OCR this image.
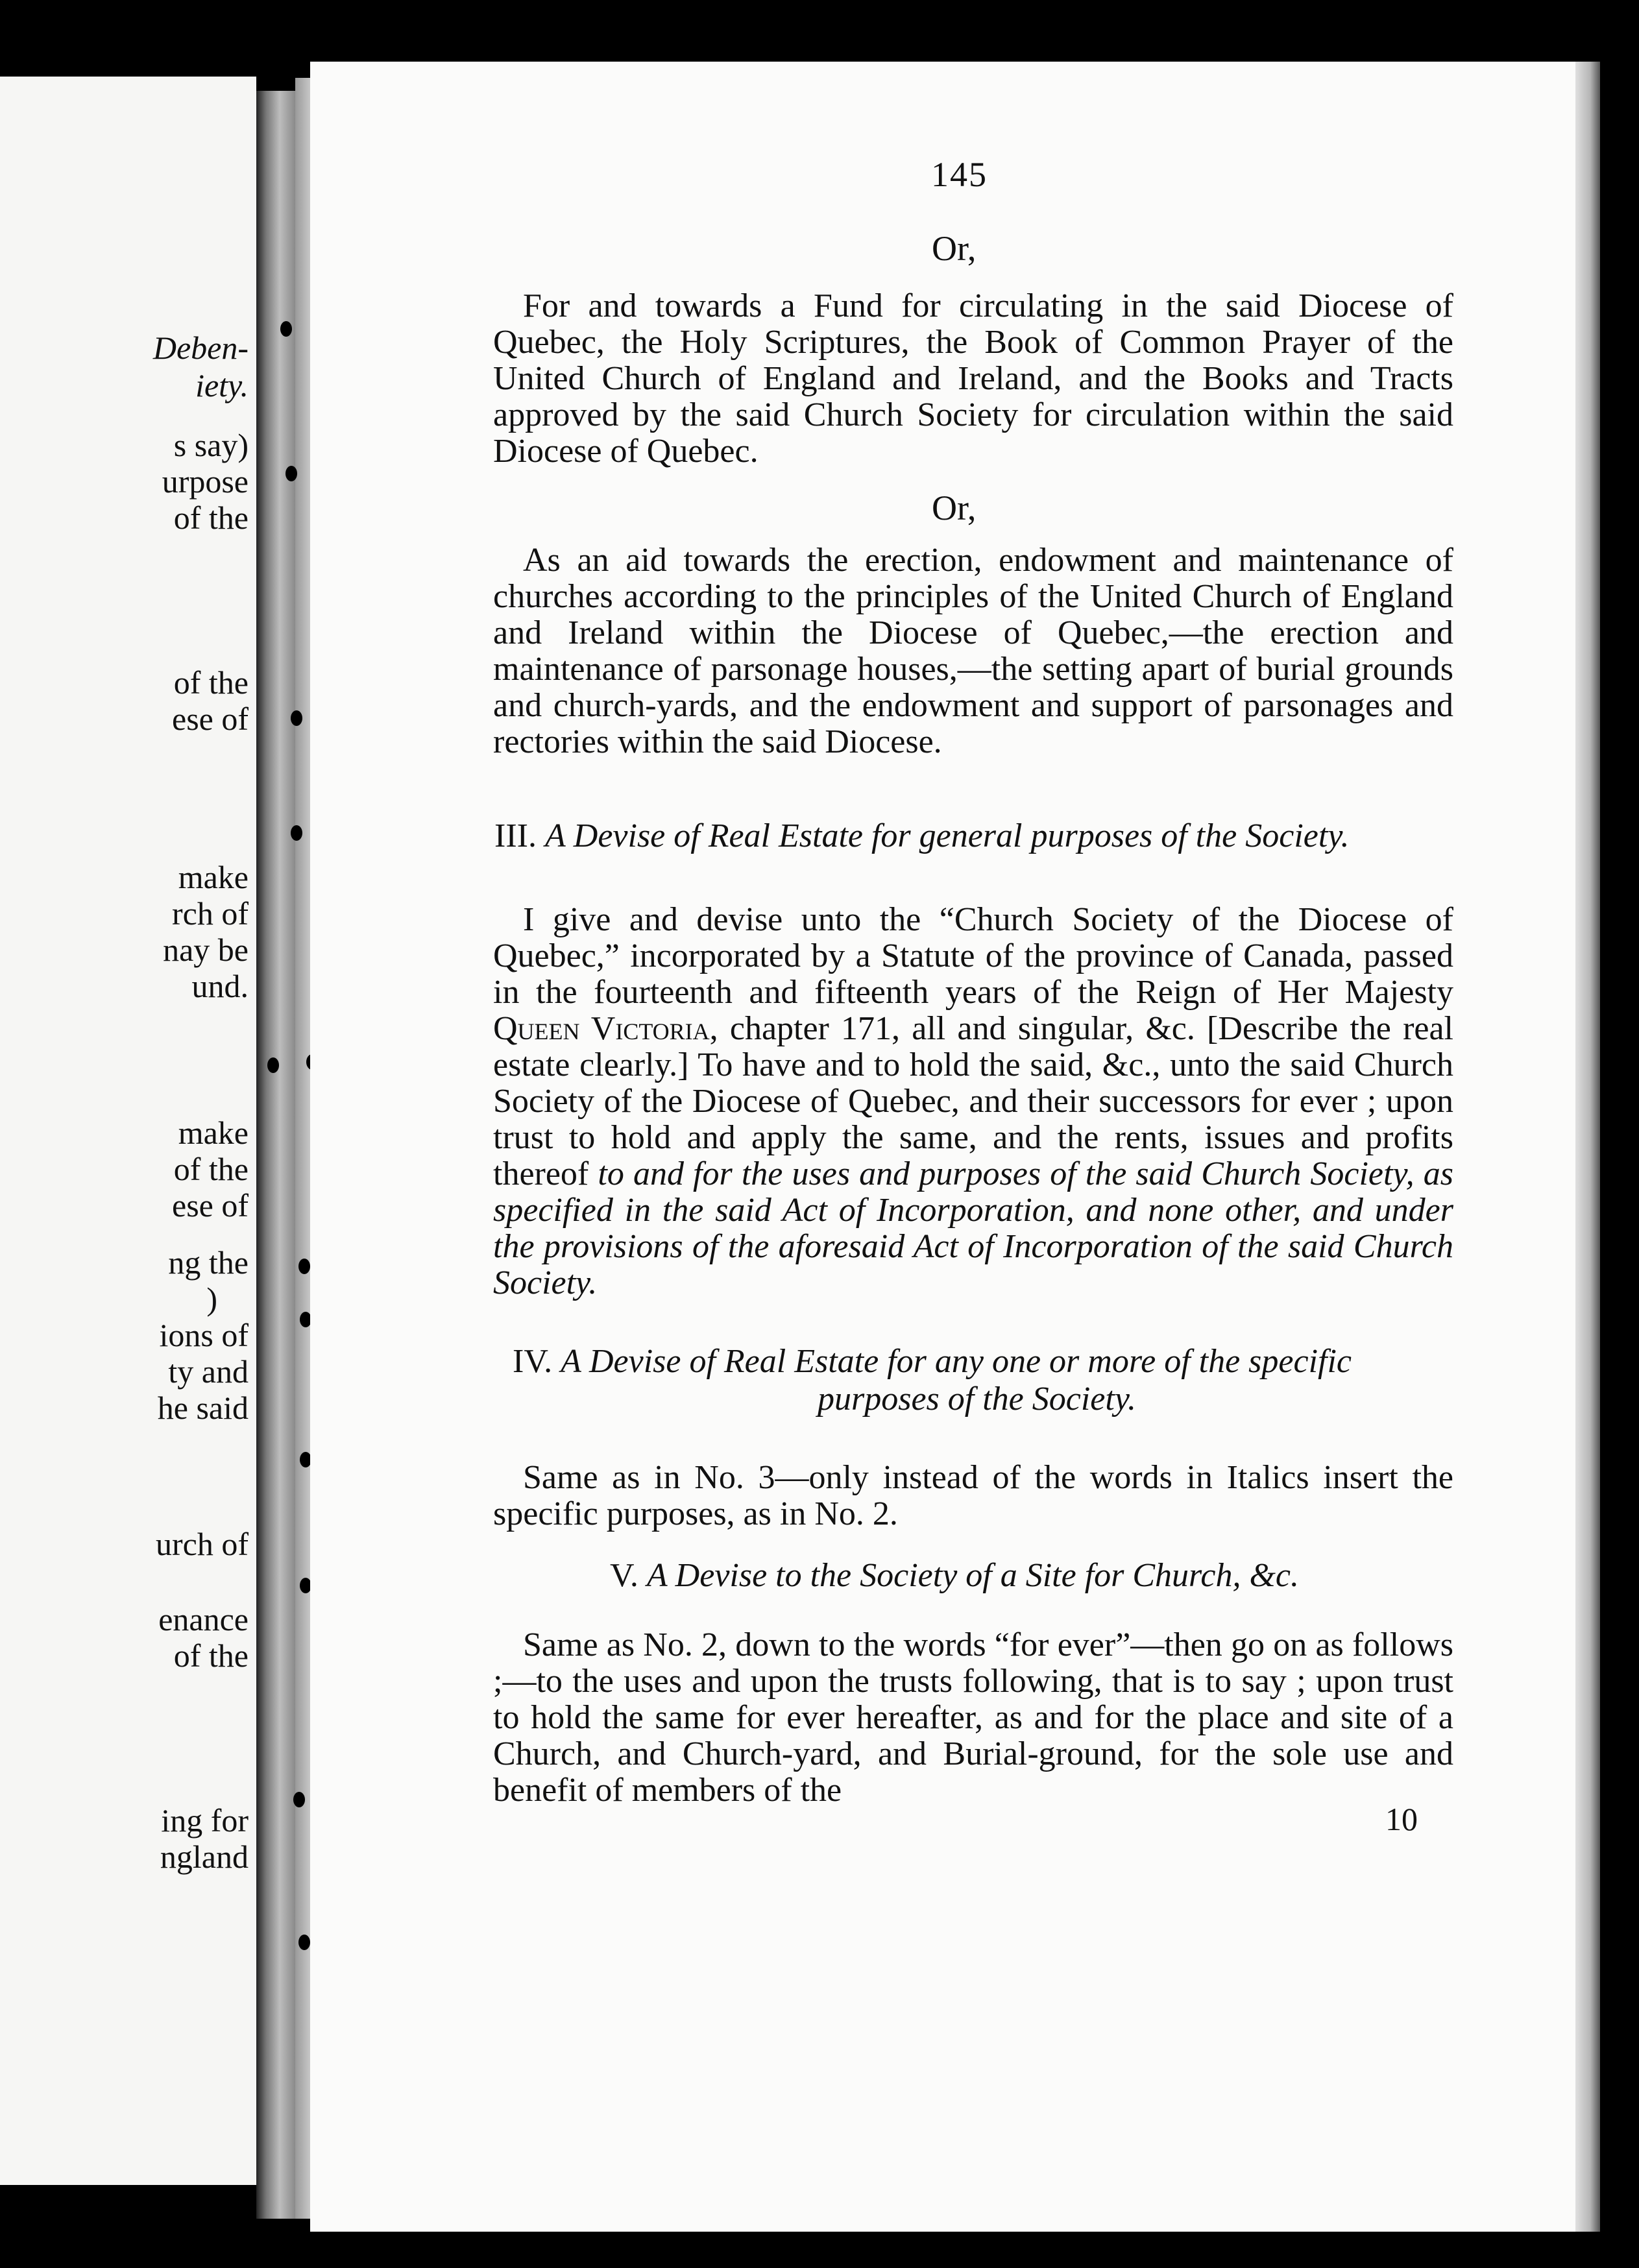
Deben-
iety.
s say)
urpose
of the
of the
ese of
make
rch of
nay be
und.
make
of the
ese of
ng the
)
ions of
ty and
he said
urch of
enance
of the
ing for
ngland
145
Or,
For and towards a Fund for circulating in the said Diocese of Quebec, the Holy Scriptures, the Book of Common Prayer of the United Church of England and Ireland, and the Books and Tracts approved by the said Church Society for circulation within the said Diocese of Quebec.
Or,
As an aid towards the erection, endowment and maintenance of churches according to the principles of the United Church of England and Ireland within the Diocese of Quebec,—the erection and maintenance of parsonage houses,—the setting apart of burial grounds and church-yards, and the endowment and support of parsonages and rectories within the said Diocese.
III. A Devise of Real Estate for general purposes of the Society.
I give and devise unto the “Church Society of the Diocese of Quebec,” incorporated by a Statute of the province of Canada, passed in the fourteenth and fifteenth years of the Reign of Her Majesty Queen Victoria, chapter 171, all and singular, &c. [Describe the real estate clearly.] To have and to hold the said, &c., unto the said Church Society of the Diocese of Quebec, and their successors for ever ; upon trust to hold and apply the same, and the rents, issues and profits thereof to and for the uses and purposes of the said Church Society, as specified in the said Act of Incorporation, and none other, and under the provisions of the aforesaid Act of Incorporation of the said Church Society.
IV. A Devise of Real Estate for any one or more of the specific
purposes of the Society.
Same as in No. 3—only instead of the words in Italics insert the specific purposes, as in No. 2.
V. A Devise to the Society of a Site for Church, &c.
Same as No. 2, down to the words “for ever”—then go on as follows ;—to the uses and upon the trusts following, that is to say ; upon trust to hold the same for ever hereafter, as and for the place and site of a Church, and Church-yard, and Burial-ground, for the sole use and benefit of members of the
10
